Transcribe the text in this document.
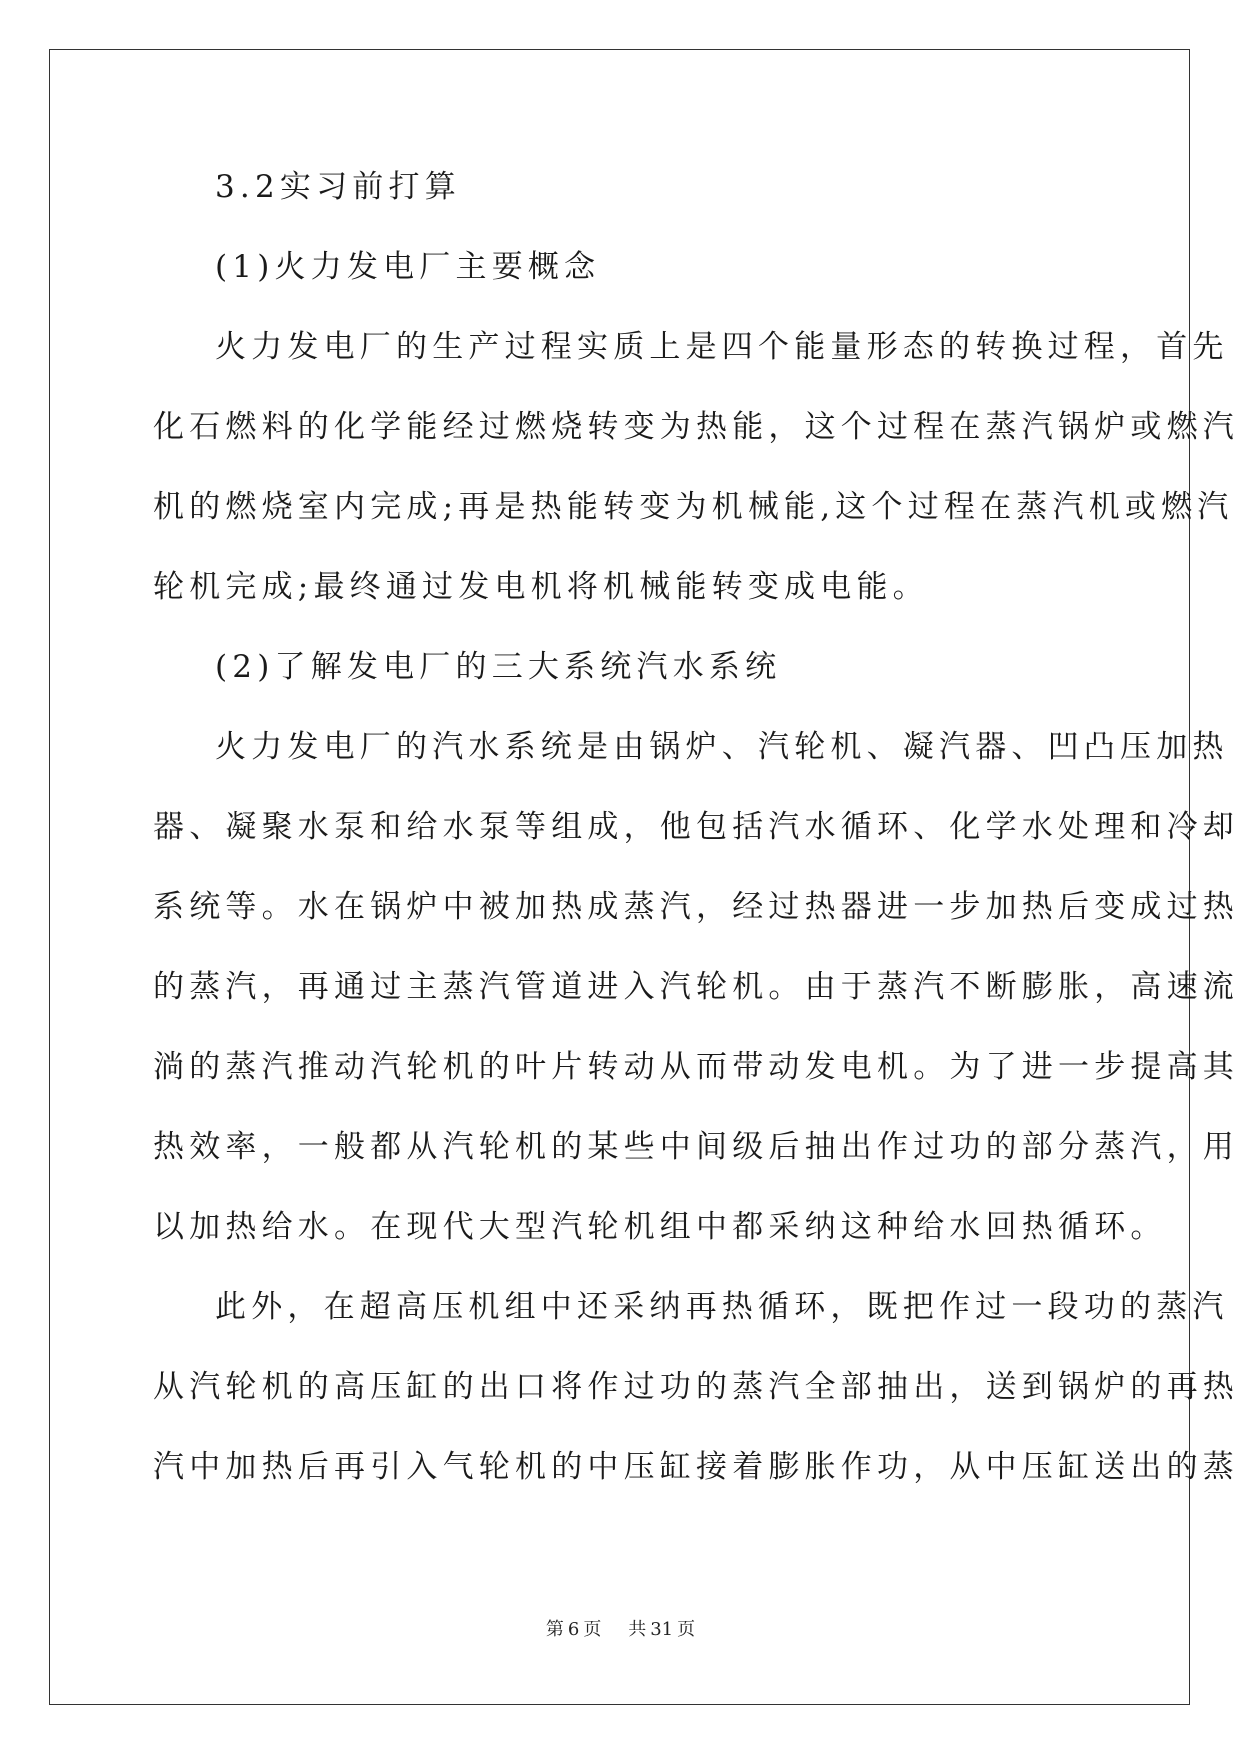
3.2实习前打算
(1)火力发电厂主要概念
火力发电厂的生产过程实质上是四个能量形态的转换过程，首先
化石燃料的化学能经过燃烧转变为热能，这个过程在蒸汽锅炉或燃汽
机的燃烧室内完成;再是热能转变为机械能,这个过程在蒸汽机或燃汽
轮机完成;最终通过发电机将机械能转变成电能。
(2)了解发电厂的三大系统汽水系统
火力发电厂的汽水系统是由锅炉、汽轮机、凝汽器、凹凸压加热
器、凝聚水泵和给水泵等组成，他包括汽水循环、化学水处理和冷却
系统等。水在锅炉中被加热成蒸汽，经过热器进一步加热后变成过热
的蒸汽，再通过主蒸汽管道进入汽轮机。由于蒸汽不断膨胀，高速流
淌的蒸汽推动汽轮机的叶片转动从而带动发电机。为了进一步提高其
热效率，一般都从汽轮机的某些中间级后抽出作过功的部分蒸汽，用
以加热给水。在现代大型汽轮机组中都采纳这种给水回热循环。
此外，在超高压机组中还采纳再热循环，既把作过一段功的蒸汽
从汽轮机的高压缸的出口将作过功的蒸汽全部抽出，送到锅炉的再热
汽中加热后再引入气轮机的中压缸接着膨胀作功，从中压缸送出的蒸
第 6 页 共 31 页
